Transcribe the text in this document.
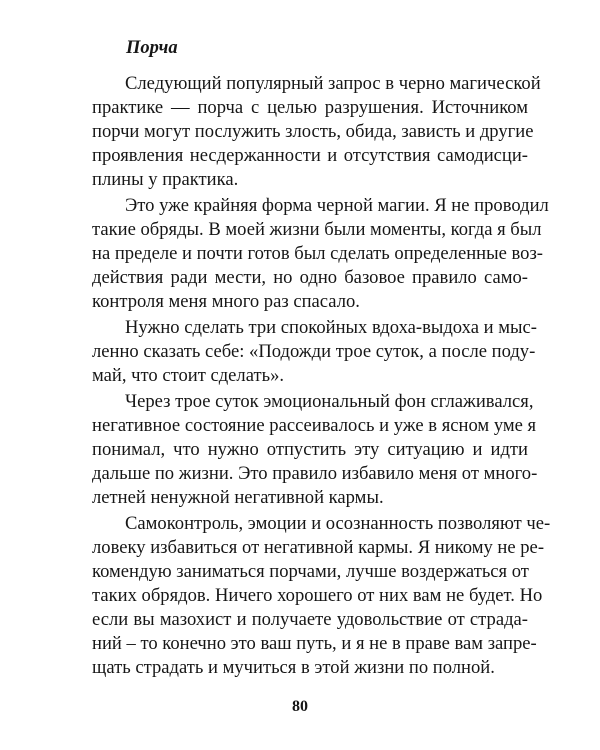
Порча
Следующий популярный запрос в черно магической
практике — порча с целью разрушения. Источником
порчи могут послужить злость, обида, зависть и другие
проявления несдержанности и отсутствия самодисци-
плины у практика.
Это уже крайняя форма черной магии. Я не проводил
такие обряды. В моей жизни были моменты, когда я был
на пределе и почти готов был сделать определенные воз-
действия ради мести, но одно базовое правило само-
контроля меня много раз спасало.
Нужно сделать три спокойных вдоха-выдоха и мыс-
ленно сказать себе: «Подожди трое суток, а после поду-
май, что стоит сделать».
Через трое суток эмоциональный фон сглаживался,
негативное состояние рассеивалось и уже в ясном уме я
понимал, что нужно отпустить эту ситуацию и идти
дальше по жизни. Это правило избавило меня от много-
летней ненужной негативной кармы.
Самоконтроль, эмоции и осознанность позволяют че-
ловеку избавиться от негативной кармы. Я никому не ре-
комендую заниматься порчами, лучше воздержаться от
таких обрядов. Ничего хорошего от них вам не будет. Но
если вы мазохист и получаете удовольствие от страда-
ний – то конечно это ваш путь, и я не в праве вам запре-
щать страдать и мучиться в этой жизни по полной.
80
